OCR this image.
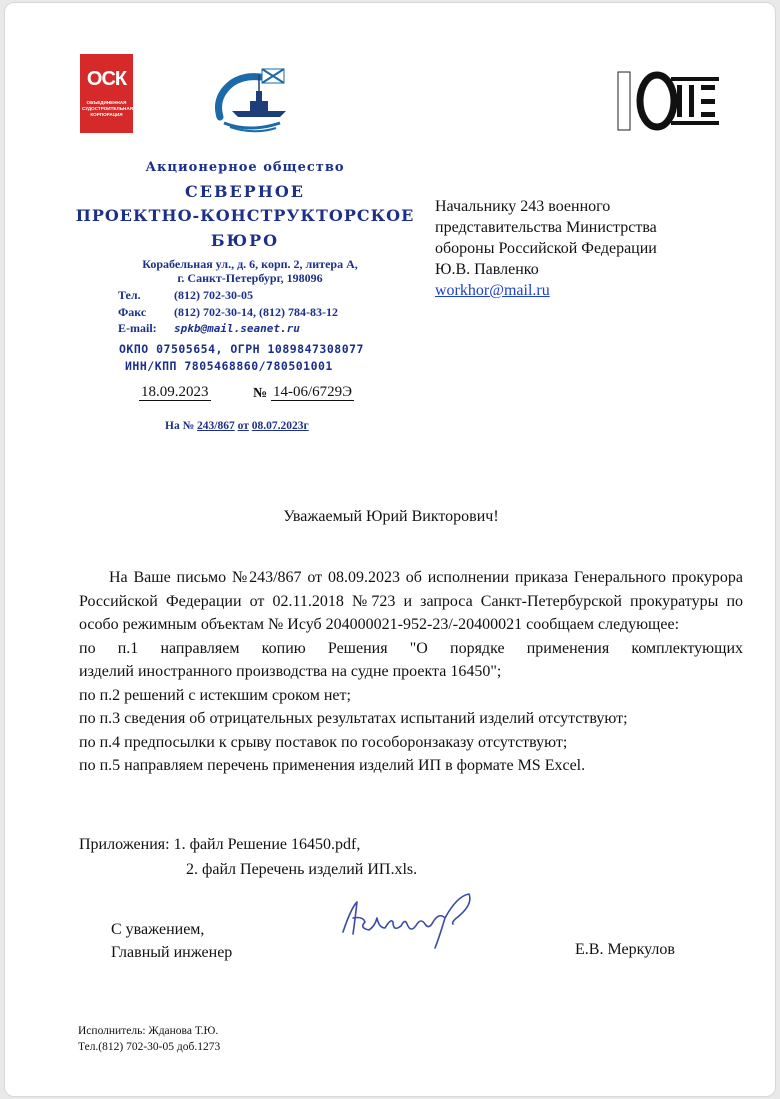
ОСК
ОБЪЕДИНЕННАЯ СУДОСТРОИТЕЛЬНАЯ КОРПОРАЦИЯ
Акционерное общество
СЕВЕРНОЕ
ПРОЕКТНО-КОНСТРУКТОРСКОЕ
БЮРО
Корабельная ул., д. 6, корп. 2, литера А,
г. Санкт-Петербург, 198096
Тел.	(812) 702-30-05
Факс (812) 702-30-14, (812) 784-83-12
E-mail: spkb@mail.seanet.ru
ОКПО 07505654, ОГРН 1089847308077
ИНН/КПП 7805468860/780501001
18.09.2023	№ 14-06/6729Э
На № 243/867 от 08.07.2023г
Начальнику 243 военного
представительства Министрства
обороны Российской Федерации
Ю.В. Павленко
workhor@mail.ru
Уважаемый Юрий Викторович!

На Ваше письмо №243/867 от 08.09.2023 об исполнении приказа Генерального прокурора Российской Федерации от 02.11.2018 №723 и запроса Санкт-Петербурской прокуратуры по особо режимным объектам № Исуб 204000021-952-23/-20400021 сообщаем следующее:

по п.1 направляем копию Решения "О порядке применения комплектующих

изделий иностранного производства на судне проекта 16450";

по п.2 решений с истекшим сроком нет;

по п.3 сведения об отрицательных результатах испытаний изделий отсутствуют;

по п.4 предпосылки к срыву поставок по гособоронзаказу отсутствуют;

по п.5 направляем перечень применения изделий ИП в формате MS Excel.

Приложения: 1. файл Решение 16450.pdf,
2. файл Перечень изделий ИП.xls.
С уважением,
Главный инженер	Е.В. Меркулов
Исполнитель: Жданова Т.Ю.
Тел.(812) 702-30-05 доб.1273
